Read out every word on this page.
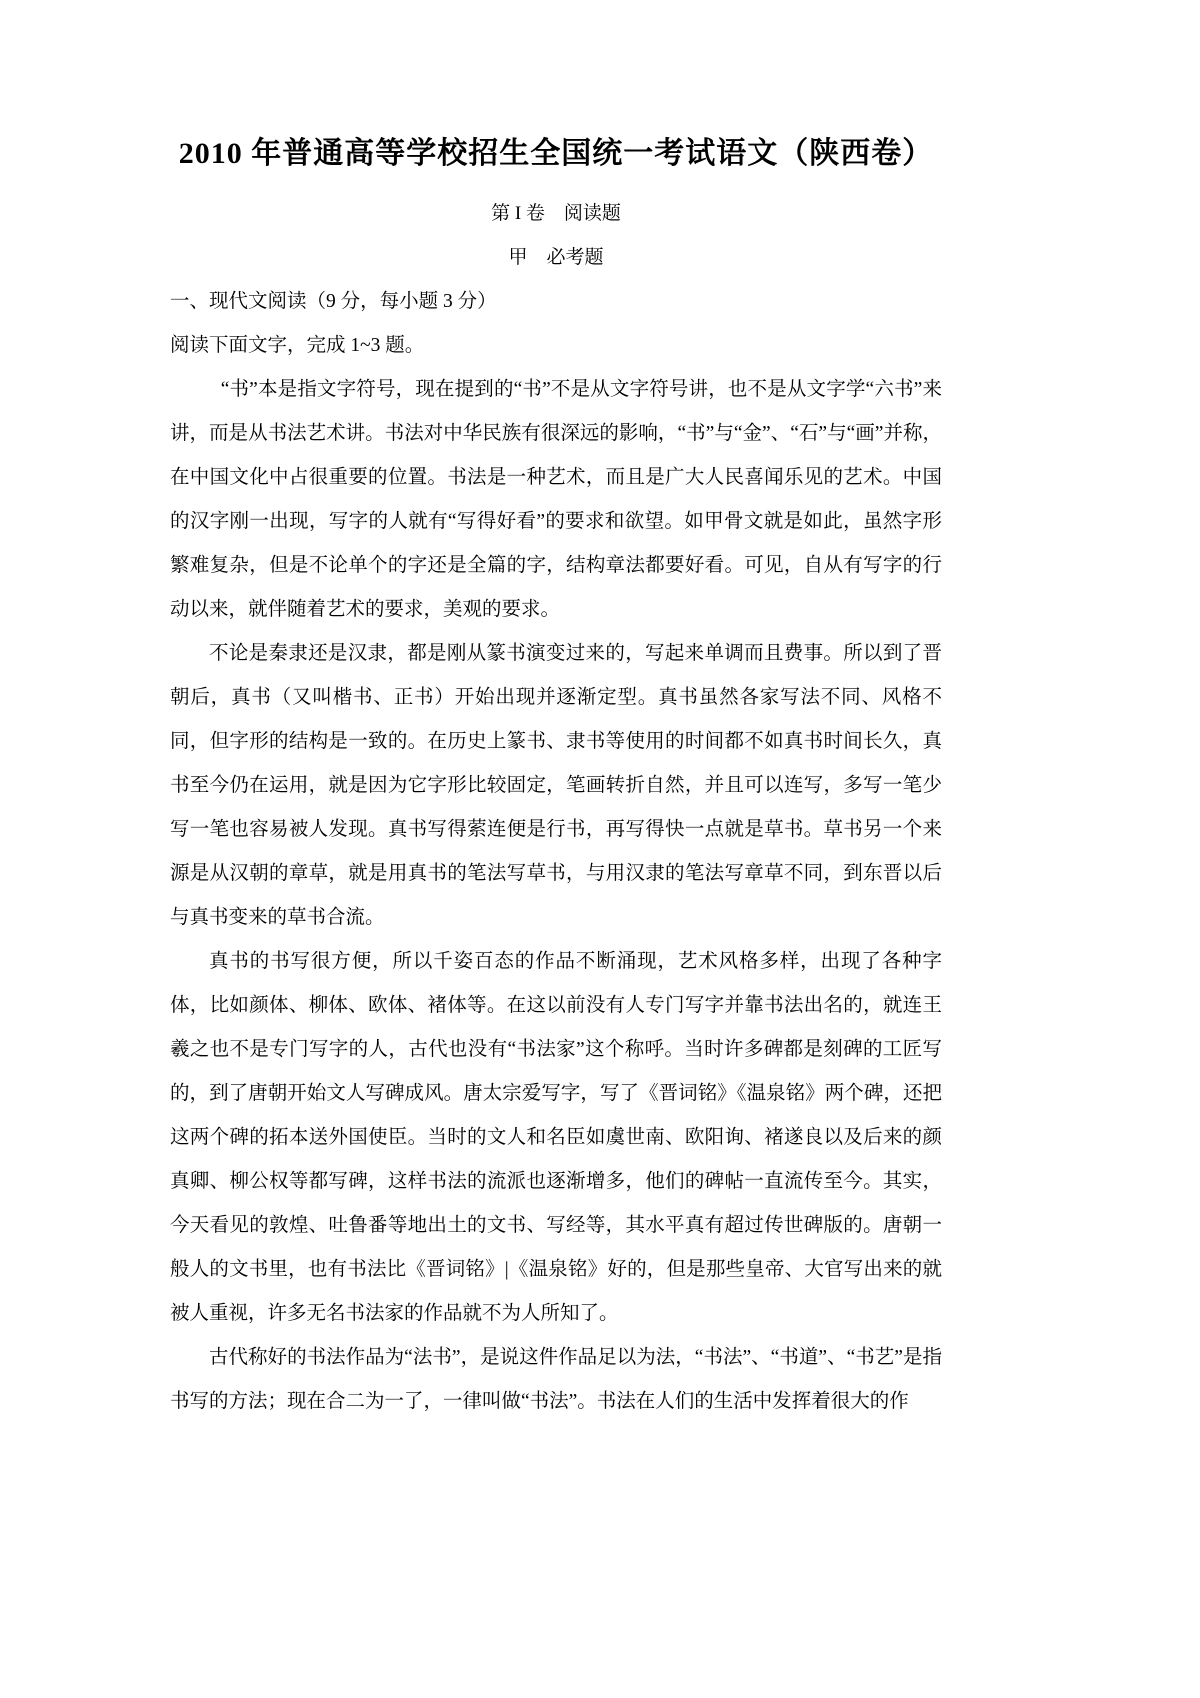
2010 年普通高等学校招生全国统一考试语文（陕西卷）
第 I 卷　阅读题
甲　必考题
一、现代文阅读（9 分，每小题 3 分）
阅读下面文字，完成 1~3 题。

“书”本是指文字符号，现在提到的“书”不是从文字符号讲，也不是从文字学“六书”来讲，而是从书法艺术讲。书法对中华民族有很深远的影响，“书”与“金”、“石”与“画”并称，在中国文化中占很重要的位置。书法是一种艺术，而且是广大人民喜闻乐见的艺术。中国的汉字刚一出现，写字的人就有“写得好看”的要求和欲望。如甲骨文就是如此，虽然字形繁难复杂，但是不论单个的字还是全篇的字，结构章法都要好看。可见，自从有写字的行动以来，就伴随着艺术的要求，美观的要求。

不论是秦隶还是汉隶，都是刚从篆书演变过来的，写起来单调而且费事。所以到了晋朝后，真书（又叫楷书、正书）开始出现并逐渐定型。真书虽然各家写法不同、风格不同，但字形的结构是一致的。在历史上篆书、隶书等使用的时间都不如真书时间长久，真书至今仍在运用，就是因为它字形比较固定，笔画转折自然，并且可以连写，多写一笔少写一笔也容易被人发现。真书写得萦连便是行书，再写得快一点就是草书。草书另一个来源是从汉朝的章草，就是用真书的笔法写草书，与用汉隶的笔法写章草不同，到东晋以后与真书变来的草书合流。

真书的书写很方便，所以千姿百态的作品不断涌现，艺术风格多样，出现了各种字体，比如颜体、柳体、欧体、褚体等。在这以前没有人专门写字并靠书法出名的，就连王羲之也不是专门写字的人，古代也没有“书法家”这个称呼。当时许多碑都是刻碑的工匠写的，到了唐朝开始文人写碑成风。唐太宗爱写字，写了《晋词铭》《温泉铭》两个碑，还把这两个碑的拓本送外国使臣。当时的文人和名臣如虞世南、欧阳询、褚遂良以及后来的颜真卿、柳公权等都写碑，这样书法的流派也逐渐增多，他们的碑帖一直流传至今。其实，今天看见的敦煌、吐鲁番等地出土的文书、写经等，其水平真有超过传世碑版的。唐朝一般人的文书里，也有书法比《晋词铭》|《温泉铭》好的，但是那些皇帝、大官写出来的就被人重视，许多无名书法家的作品就不为人所知了。

古代称好的书法作品为“法书”，是说这件作品足以为法，“书法”、“书道”、“书艺”是指书写的方法；现在合二为一了，一律叫做“书法”。书法在人们的生活中发挥着很大的作
